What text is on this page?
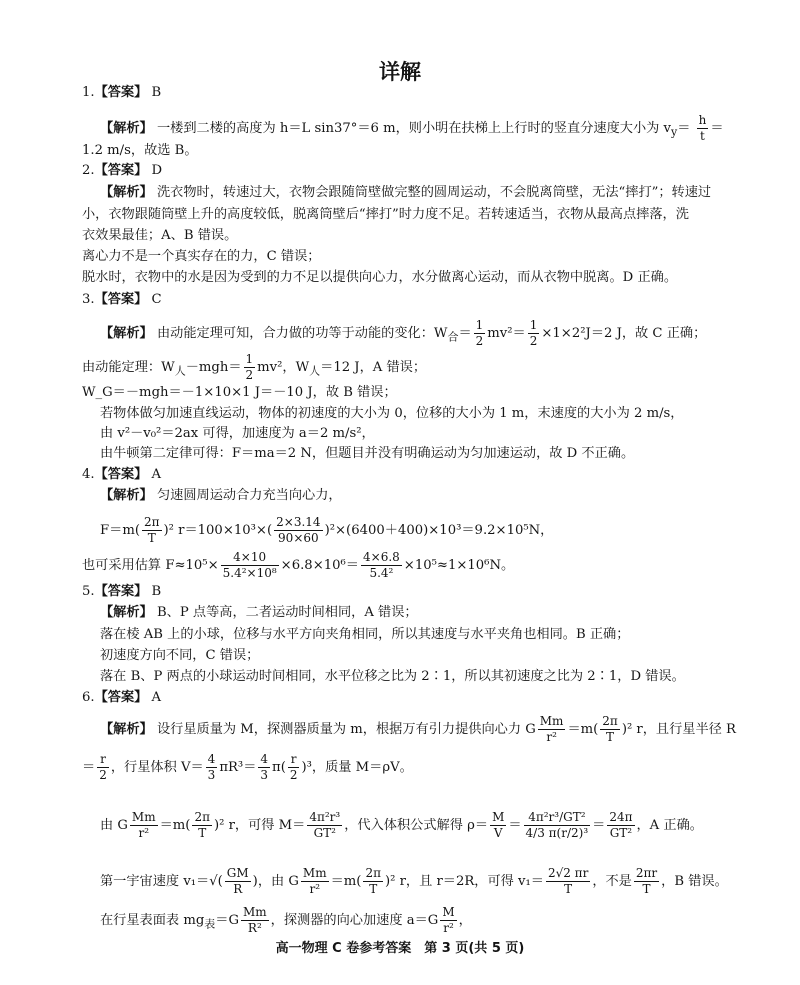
详解
1.【答案】 B
【解析】 一楼到二楼的高度为 h＝L sin37°＝6 m，则小明在扶梯上上行时的竖直分速度大小为 $v_y= \frac{h}{t}$ ＝
1.2 m/s，故选 B。
2.【答案】 D
【解析】 洗衣物时，转速过大，衣物会跟随筒壁做完整的圆周运动，不会脱离筒壁，无法“摔打”；转速过
小，衣物跟随筒壁上升的高度较低，脱离筒壁后“摔打”时力度不足。若转速适当，衣物从最高点摔落，洗
衣效果最佳；A、B 错误。
离心力不是一个真实存在的力，C 错误；
脱水时，衣物中的水是因为受到的力不足以提供向心力，水分做离心运动，而从衣物中脱离。D 正确。
3.【答案】 C
【解析】 由动能定理可知，合力做的功等于动能的变化：$W_合= \frac{1}{2} mv^2= \frac{1}{2} \times 1\times 2^2J=2$ J，故 C 正确；
由动能定理：$W_人-mgh= \frac{1}{2} mv^2$，$W_人=12$ J，A 错误；
W_G＝－mgh＝－1×10×1 J＝－10 J，故 B 错误；
若物体做匀加速直线运动，物体的初速度的大小为 0，位移的大小为 1 m，末速度的大小为 2 m/s，
由 v²－v₀²＝2ax 可得，加速度为 a＝2 m/s²，
由牛顿第二定律可得：F＝ma＝2 N，但题目并没有明确运动为匀加速运动，故 D 不正确。
4.【答案】 A
【解析】 匀速圆周运动合力充当向心力，
$F=m( \frac{2\pi}{T} )^2$ $r=100\times 10^3\times( \frac{2\times 3.14}{90\times 60} )^2\times(6400+400)\times 10^3=9.2\times 10^5N$，
也可采用估算 $F\approx 10^5\times \frac{4\times 10}{\text{5.4²×10⁸}} \times 6.8\times 10^6= \frac{4\times 6.8}{\text{5.4²}} \times 10^5\approx 1\times 10^6N$。
5.【答案】 B
【解析】 B、P 点等高，二者运动时间相同，A 错误；
落在棱 AB 上的小球，位移与水平方向夹角相同，所以其速度与水平夹角也相同。B 正确；
初速度方向不同，C 错误；
落在 B、P 两点的小球运动时间相同，水平位移之比为 2∶1，所以其初速度之比为 2∶1，D 错误。
6.【答案】 A
【解析】 设行星质量为 M，探测器质量为 m，根据万有引力提供向心力 G $\frac{Mm}{\text{r²}} =m( \frac{2\pi}{T} )^2$ r，且行星半径 R
＝ $\frac{r}{2}$ ，行星体积 $V= \frac{4}{3} \pi R^3= \frac{4}{3} \pi( \frac{r}{2} )^3$，质量 M＝ρV。
由 G $\frac{Mm}{\text{r²}} =m( \frac{2\pi}{T} )^2$ r，可得 $M= \frac{\text{4π²r³}}{\text{GT²}}$ ，代入体积公式解得 $\rho= \frac{M}{V} = \frac{\text{4π²r³/GT²}}{\text{4/3 π(r/2)³}} = \frac{24\pi}{\text{GT²}}$ ，A 正确。
第一宇宙速度 $v_1=√( \frac{GM}{R}$ )，由 G $\frac{Mm}{\text{r²}} =m( \frac{2\pi}{T} )^2$ r，且 r＝2R，可得 $v_1= \frac{2√2 \pi r}{T}$ ，不是 $\frac{2\pi r}{T}$ ，B 错误。
在行星表面表 $mg_表=G \frac{Mm}{\text{R²}}$ ，探测器的向心加速度 $a=G \frac{M}{\text{r²}}$ ，
高一物理 C 卷参考答案　第 3 页(共 5 页)
